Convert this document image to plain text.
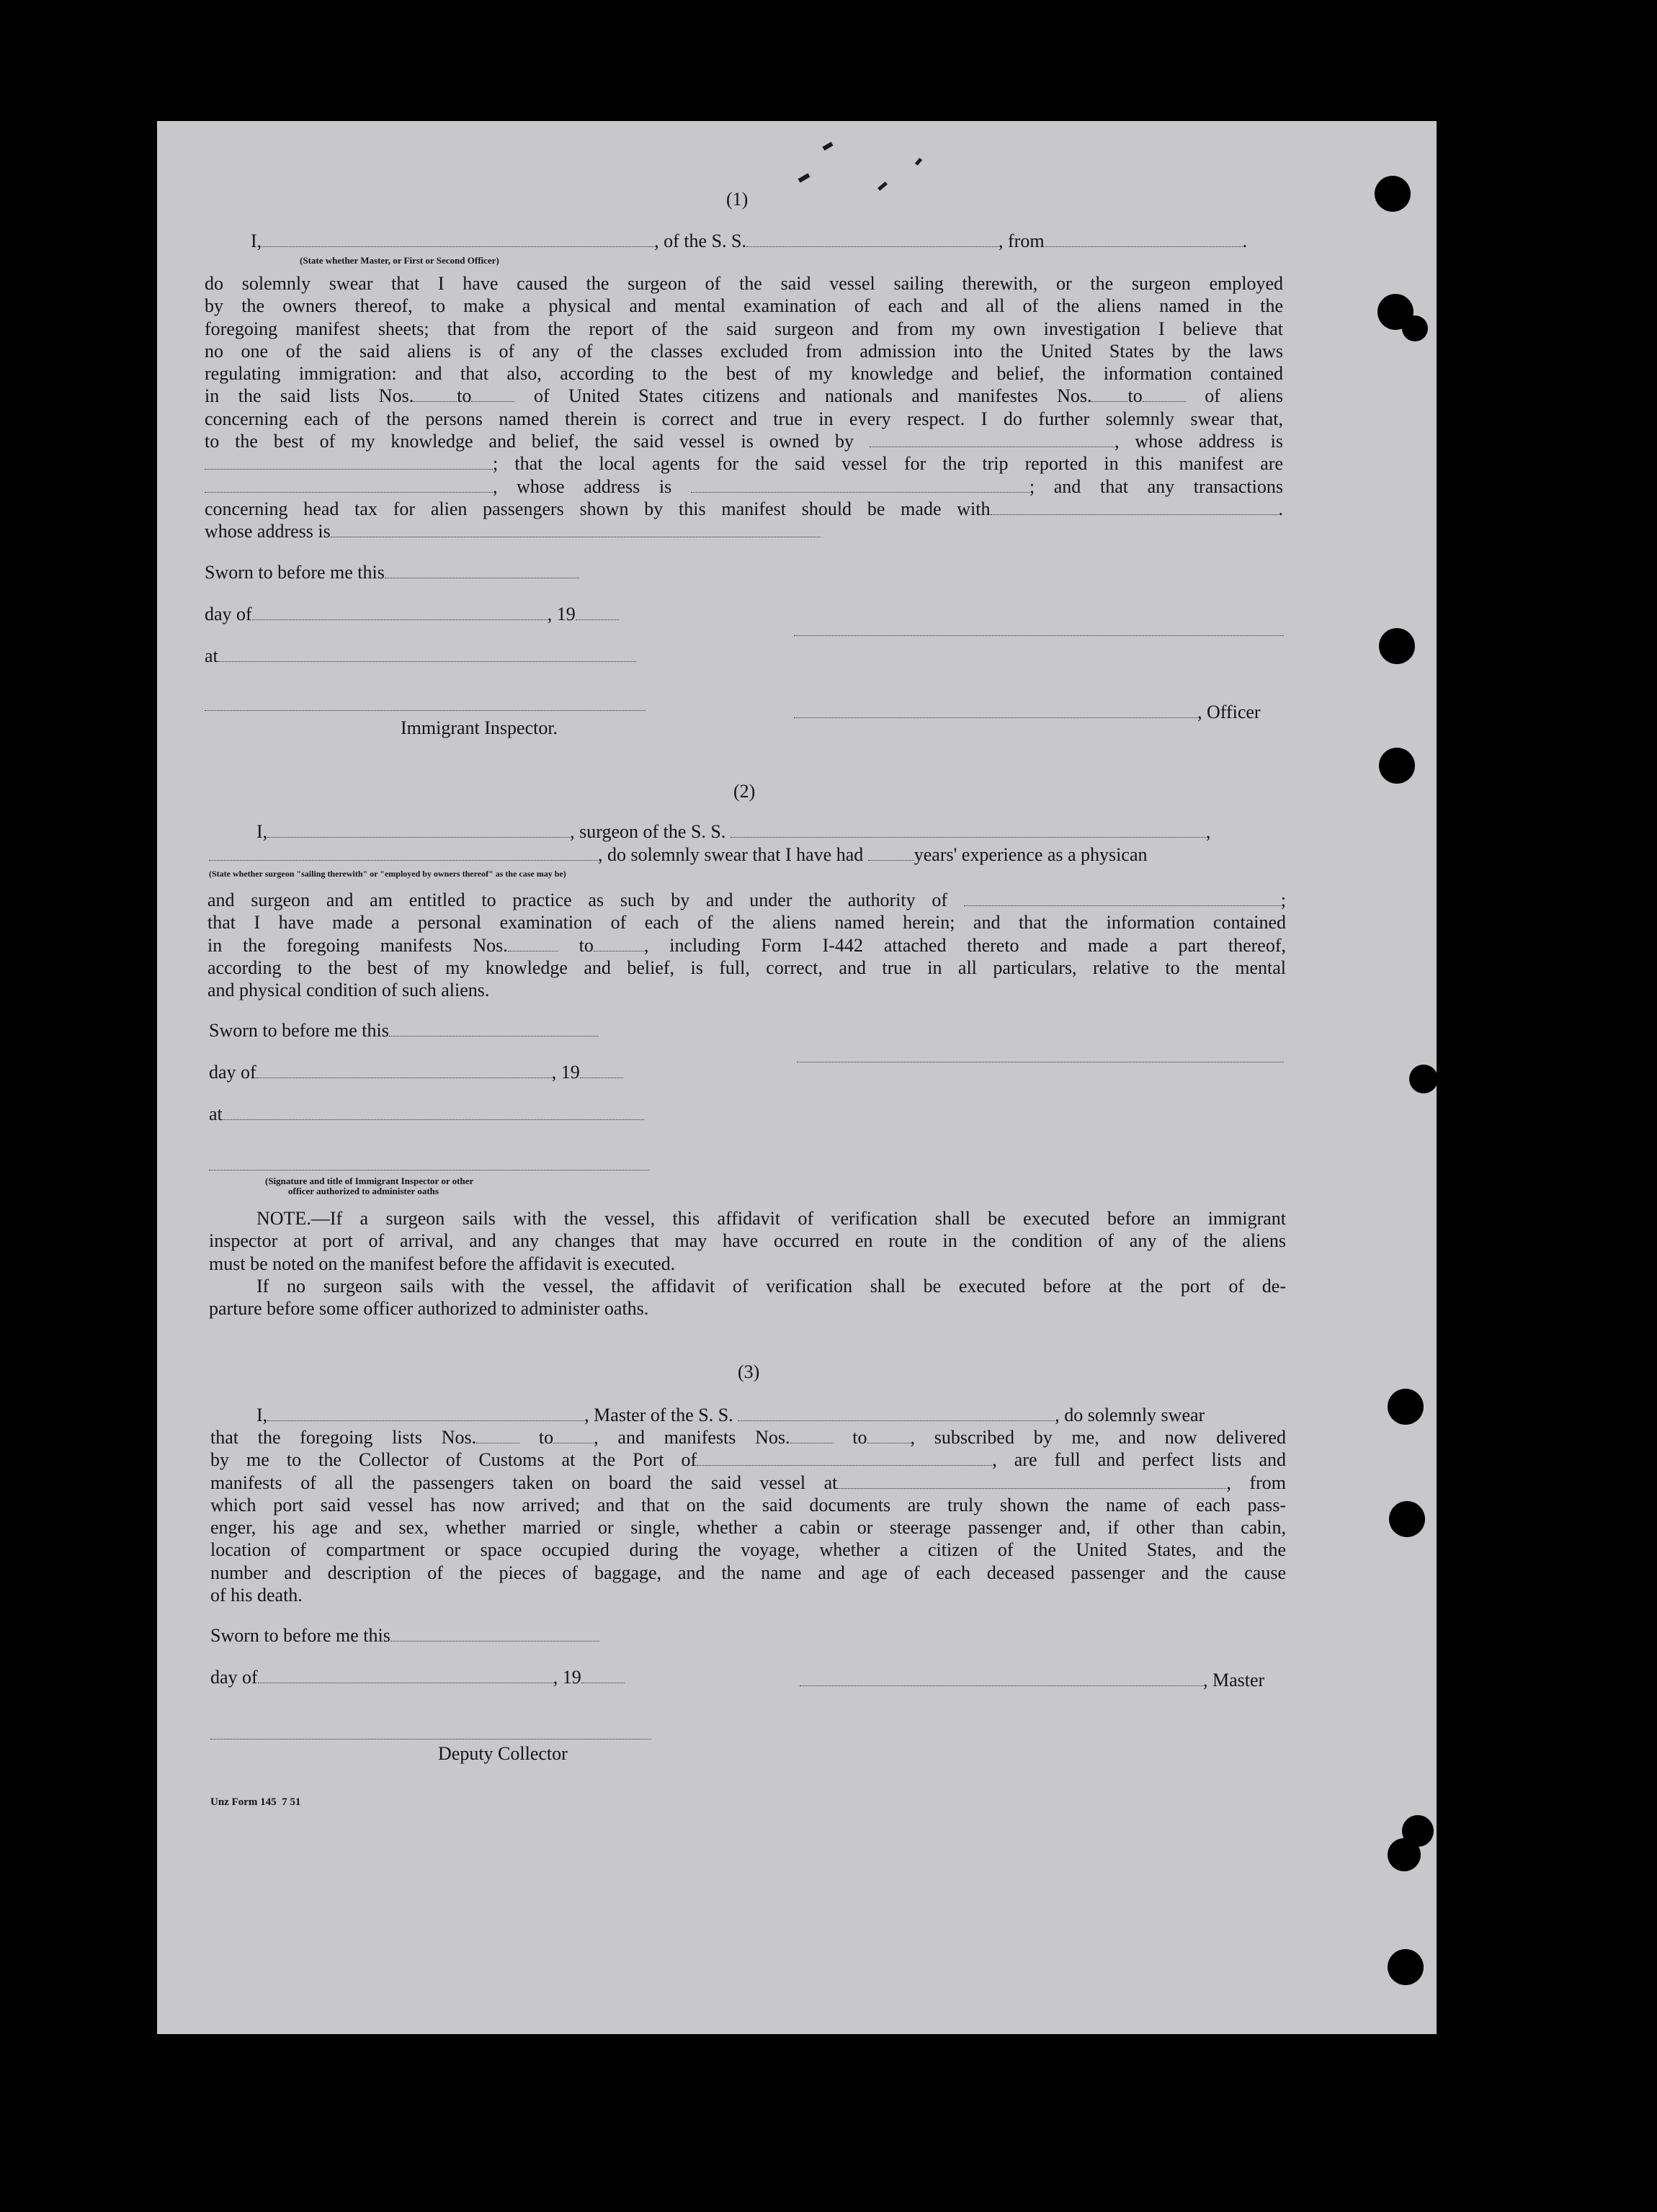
(1)
I,	, of the S. S.	, from	.
(State whether Master, or First or Second Officer)
do solemnly swear that I have caused the surgeon of the said vessel sailing therewith, or the surgeon employed
by the owners thereof, to make a physical and mental examination of each and all of the aliens named in the
foregoing manifest sheets; that from the report of the said surgeon and from my own investigation I believe that
no one of the said aliens is of any of the classes excluded from admission into the United States by the laws
regulating immigration: and that also, according to the best of my knowledge and belief, the information contained
in the said lists Nos. to	of United States citizens and nationals and manifestes Nos. to	of aliens
concerning each of the persons named therein is correct and true in every respect. I do further solemnly swear that,
to the best of my knowledge and belief, the said vessel is owned by	, whose address is
; that the local agents for the said vessel for the trip reported in this manifest are
, whose address is	; and that any transactions
concerning head tax for alien passengers shown by this manifest should be made with	.
whose address is
Sworn to before me this
day of	, 19
at
, Officer
Immigrant Inspector.
(2)
I,	, surgeon of the S. S.	,
, do solemnly swear that I have had	years' experience as a physican
(State whether surgeon "sailing therewith" or "employed by owners thereof" as the case may be)
and surgeon and am entitled to practice as such by and under the authority of	;
that I have made a personal examination of each of the aliens named herein; and that the information contained
in the foregoing manifests Nos.	to	, including Form I-442 attached thereto and made a part thereof,
according to the best of my knowledge and belief, is full, correct, and true in all particulars, relative to the mental
and physical condition of such aliens.
Sworn to before me this
day of	, 19
at
(Signature and title of Immigrant Inspector or other
officer authorized to administer oaths
NOTE.—If a surgeon sails with the vessel, this affidavit of verification shall be executed before an immigrant
inspector at port of arrival, and any changes that may have occurred en route in the condition of any of the aliens
must be noted on the manifest before the affidavit is executed.
If no surgeon sails with the vessel, the affidavit of verification shall be executed before at the port of de-
parture before some officer authorized to administer oaths.
(3)
I,	, Master of the S. S.	, do solemnly swear
that the foregoing lists Nos.	to , and manifests Nos.	to , subscribed by me, and now delivered
by me to the Collector of Customs at the Port of	, are full and perfect lists and
manifests of all the passengers taken on board the said vessel at	, from
which port said vessel has now arrived; and that on the said documents are truly shown the name of each pass-
enger, his age and sex, whether married or single, whether a cabin or steerage passenger and, if other than cabin,
location of compartment or space occupied during the voyage, whether a citizen of the United States, and the
number and description of the pieces of baggage, and the name and age of each deceased passenger and the cause
of his death.
Sworn to before me this
day of	, 19	, Master
Deputy Collector
Unz Form 145  7 51
